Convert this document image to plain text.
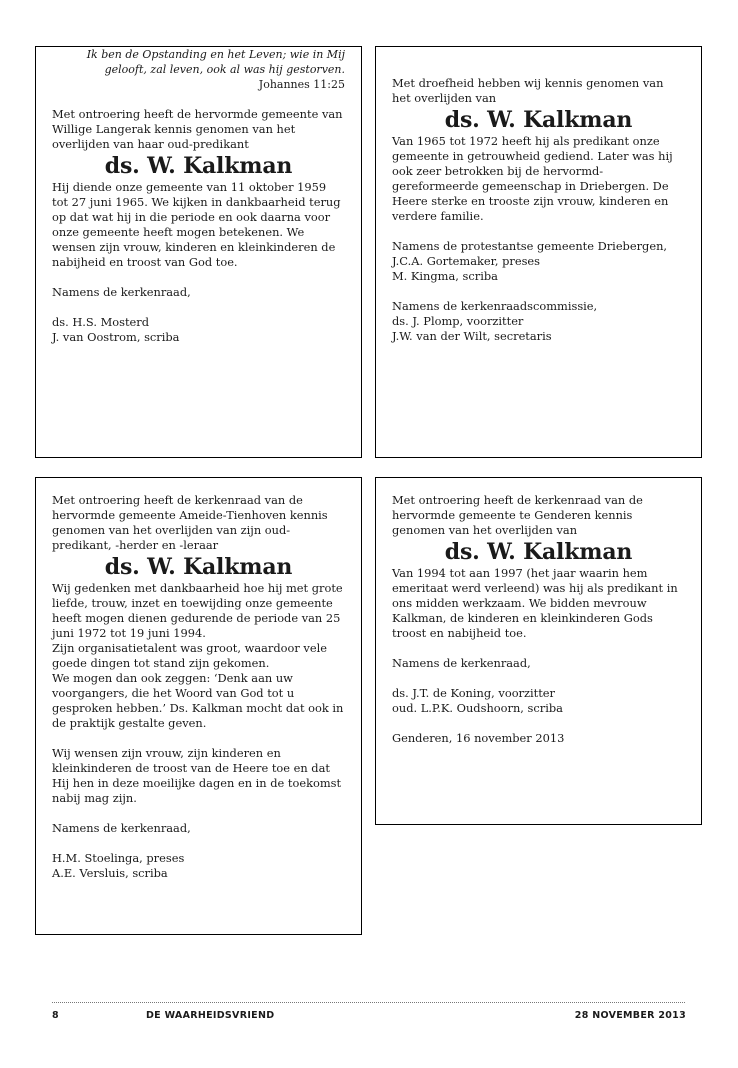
Ik ben de Opstanding en het Leven; wie in Mij gelooft, zal leven, ook al was hij gestorven.

Johannes 11:25

Met ontroering heeft de hervormde gemeente van Willige Langerak kennis genomen van het overlijden van haar oud-predikant

ds. W. Kalkman

Hij diende onze gemeente van 11 oktober 1959 tot 27 juni 1965. We kijken in dankbaarheid terug op dat wat hij in die periode en ook daarna voor onze gemeente heeft mogen betekenen. We wensen zijn vrouw, kinderen en kleinkinderen de nabijheid en troost van God toe.

Namens de kerkenraad,

ds. H.S. Mosterd
J. van Oostrom, scriba

Met droefheid hebben wij kennis genomen van het overlijden van

ds. W. Kalkman

Van 1965 tot 1972 heeft hij als predikant onze gemeente in getrouwheid gediend. Later was hij ook zeer betrokken bij de hervormd-gereformeerde gemeenschap in Driebergen. De Heere sterke en trooste zijn vrouw, kinderen en verdere familie.

Namens de protestantse gemeente Driebergen,
J.C.A. Gortemaker, preses
M. Kingma, scriba
Namens de kerkenraadscommissie,
ds. J. Plomp, voorzitter
J.W. van der Wilt, secretaris

Met ontroering heeft de kerkenraad van de hervormde gemeente Ameide-Tienhoven kennis genomen van het overlijden van zijn oud-predikant, -herder en -leraar

ds. W. Kalkman

Wij gedenken met dankbaarheid hoe hij met grote liefde, trouw, inzet en toewijding onze gemeente heeft mogen dienen gedurende de periode van 25 juni 1972 tot 19 juni 1994.

Zijn organisatietalent was groot, waardoor vele goede dingen tot stand zijn gekomen.

We mogen dan ook zeggen: ‘Denk aan uw voorgangers, die het Woord van God tot u gesproken hebben.’ Ds. Kalkman mocht dat ook in de praktijk gestalte geven.

Wij wensen zijn vrouw, zijn kinderen en kleinkinderen de troost van de Heere toe en dat Hij hen in deze moeilijke dagen en in de toekomst nabij mag zijn.

Namens de kerkenraad,

H.M. Stoelinga, preses
A.E. Versluis, scriba

Met ontroering heeft de kerkenraad van de hervormde gemeente te Genderen kennis genomen van het overlijden van

ds. W. Kalkman

Van 1994 tot aan 1997 (het jaar waarin hem emeritaat werd verleend) was hij als predikant in ons midden werkzaam. We bidden mevrouw Kalkman, de kinderen en kleinkinderen Gods troost en nabijheid toe.

Namens de kerkenraad,

ds. J.T. de Koning, voorzitter
oud. L.P.K. Oudshoorn, scriba

Genderen, 16 november 2013

8	DE WAARHEIDSVRIEND	28 NOVEMBER 2013
